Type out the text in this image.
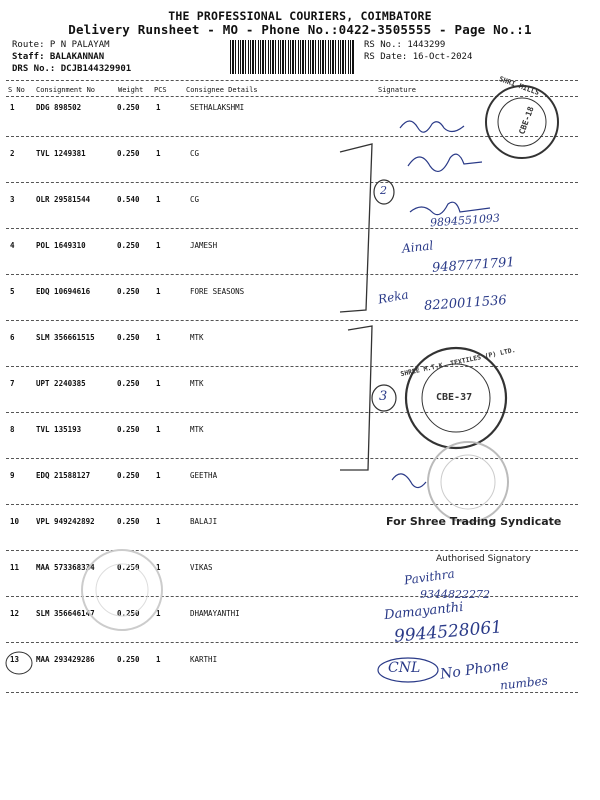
THE PROFESSIONAL COURIERS, COIMBATORE
Delivery Runsheet - MO - Phone No.:0422-3505555 - Page No.:1
Route: P N PALAYAM
Staff: BALAKANNAN
DRS No.: DCJB144329901
RS No.: 1443299
RS Date: 16-Oct-2024
S No Consignment No	Weight PCS	Consignee Details	Signature
1	DDG 898502	0.250 1	SETHALAKSHMI
2	TVL 1249381	0.250 1	CG
3	OLR 29581544	0.540 1	CG
4	POL 1649310	0.250 1	JAMESH
5	EDQ 10694616	0.250 1	FORE SEASONS
6	SLM 356661515	0.250 1	MTK
7	UPT 2240385	0.250 1	MTK
8	TVL 135193	0.250 1	MTK
9	EDQ 21588127	0.250 1	GEETHA
10 VPL 949242892	0.250 1	BALAJI
11 MAA 573368334	0.250 1	VIKAS
12 SLM 356646147	0.250 1	DHAMAYANTHI
13 MAA 293429286	0.250 1	KARTHI
SHRI MILLS
CBE-18
SHREE M.T.K. TEXTILES (P) LTD.
CBE-37
9894551093
Ainal
9487771791
Reka 8220011536
2
3
For Shree Trading Syndicate
Authorised Signatory
Pavithra
9344822272
Damayanthi
9944528061
CNL No Phone
numbes
